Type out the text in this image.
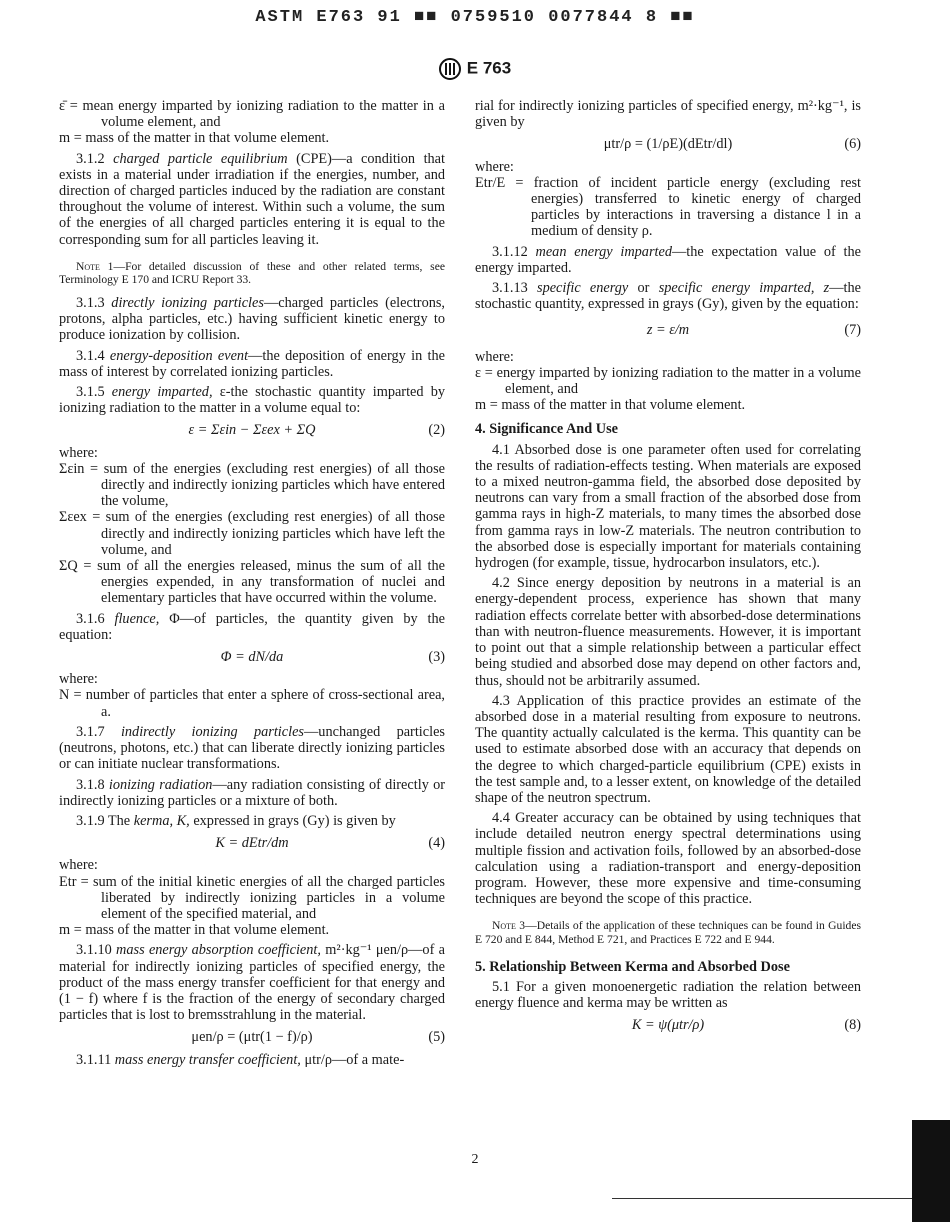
ASTM E763 91 ■■ 0759510 0077844 8 ■■
E 763

ε̄ = mean energy imparted by ionizing radiation to the matter in a volume element, and

m = mass of the matter in that volume element.

3.1.2 charged particle equilibrium (CPE)—a condition that exists in a material under irradiation if the energies, number, and direction of charged particles induced by the radiation are constant throughout the volume of interest. Within such a volume, the sum of the energies of all charged particles entering it is equal to the corresponding sum for all particles leaving it.

Note 1—For detailed discussion of these and other related terms, see Terminology E 170 and ICRU Report 33.

3.1.3 directly ionizing particles—charged particles (electrons, protons, alpha particles, etc.) having sufficient kinetic energy to produce ionization by collision.

3.1.4 energy-deposition event—the deposition of energy in the mass of interest by correlated ionizing particles.

3.1.5 energy imparted, ε-the stochastic quantity imparted by ionizing radiation to the matter in a volume equal to:

ε = Σεin − Σεex + ΣQ	(2)

where:

Σεin = sum of the energies (excluding rest energies) of all those directly and indirectly ionizing particles which have entered the volume,

Σεex = sum of the energies (excluding rest energies) of all those directly and indirectly ionizing particles which have left the volume, and

ΣQ = sum of all the energies released, minus the sum of all the energies expended, in any transformation of nuclei and elementary particles that have occurred within the volume.

3.1.6 fluence, Φ—of particles, the quantity given by the equation:

Φ = dN/da	(3)

where:

N = number of particles that enter a sphere of cross-sectional area, a.

3.1.7 indirectly ionizing particles—unchanged particles (neutrons, photons, etc.) that can liberate directly ionizing particles or can initiate nuclear transformations.

3.1.8 ionizing radiation—any radiation consisting of directly or indirectly ionizing particles or a mixture of both.

3.1.9 The kerma, K, expressed in grays (Gy) is given by

K = dEtr/dm	(4)

where:

Etr = sum of the initial kinetic energies of all the charged particles liberated by indirectly ionizing particles in a volume element of the specified material, and

m = mass of the matter in that volume element.

3.1.10 mass energy absorption coefficient, m²·kg⁻¹ μen/ρ—of a material for indirectly ionizing particles of specified energy, the product of the mass energy transfer coefficient for that energy and (1 − f) where f is the fraction of the energy of secondary charged particles that is lost to bremsstrahlung in the material.

μen/ρ = (μtr(1 − f)/ρ)	(5)

3.1.11 mass energy transfer coefficient, μtr/ρ—of a mate-

rial for indirectly ionizing particles of specified energy, m²·kg⁻¹, is given by

μtr/ρ = (1/ρE)(dEtr/dl)	(6)

where:

Etr/E = fraction of incident particle energy (excluding rest energies) transferred to kinetic energy of charged particles by interactions in traversing a distance l in a medium of density ρ.

3.1.12 mean energy imparted—the expectation value of the energy imparted.

3.1.13 specific energy or specific energy imparted, z—the stochastic quantity, expressed in grays (Gy), given by the equation:

z = ε/m	(7)

where:

ε = energy imparted by ionizing radiation to the matter in a volume element, and

m = mass of the matter in that volume element.

4. Significance And Use

4.1 Absorbed dose is one parameter often used for correlating the results of radiation-effects testing. When materials are exposed to a mixed neutron-gamma field, the absorbed dose deposited by neutrons can vary from a small fraction of the absorbed dose from gamma rays in high-Z materials, to many times the absorbed dose from gamma rays in low-Z materials. The neutron contribution to the absorbed dose is especially important for materials containing hydrogen (for example, tissue, hydrocarbon insulators, etc.).

4.2 Since energy deposition by neutrons in a material is an energy-dependent process, experience has shown that many radiation effects correlate better with absorbed-dose determinations than with neutron-fluence measurements. However, it is important to point out that a simple relationship between a particular effect being studied and absorbed dose may depend on other factors and, thus, should not be arbitrarily assumed.

4.3 Application of this practice provides an estimate of the absorbed dose in a material resulting from exposure to neutrons. The quantity actually calculated is the kerma. This quantity can be used to estimate absorbed dose with an accuracy that depends on the degree to which charged-particle equilibrium (CPE) exists in the test sample and, to a lesser extent, on knowledge of the detailed shape of the neutron spectrum.

4.4 Greater accuracy can be obtained by using techniques that include detailed neutron energy spectral determinations using multiple fission and activation foils, followed by an absorbed-dose calculation using a radiation-transport and energy-deposition program. However, these more expensive and time-consuming techniques are beyond the scope of this practice.

Note 3—Details of the application of these techniques can be found in Guides E 720 and E 844, Method E 721, and Practices E 722 and E 944.

5. Relationship Between Kerma and Absorbed Dose

5.1 For a given monoenergetic radiation the relation between energy fluence and kerma may be written as

K = ψ(μtr/ρ)	(8)
2
